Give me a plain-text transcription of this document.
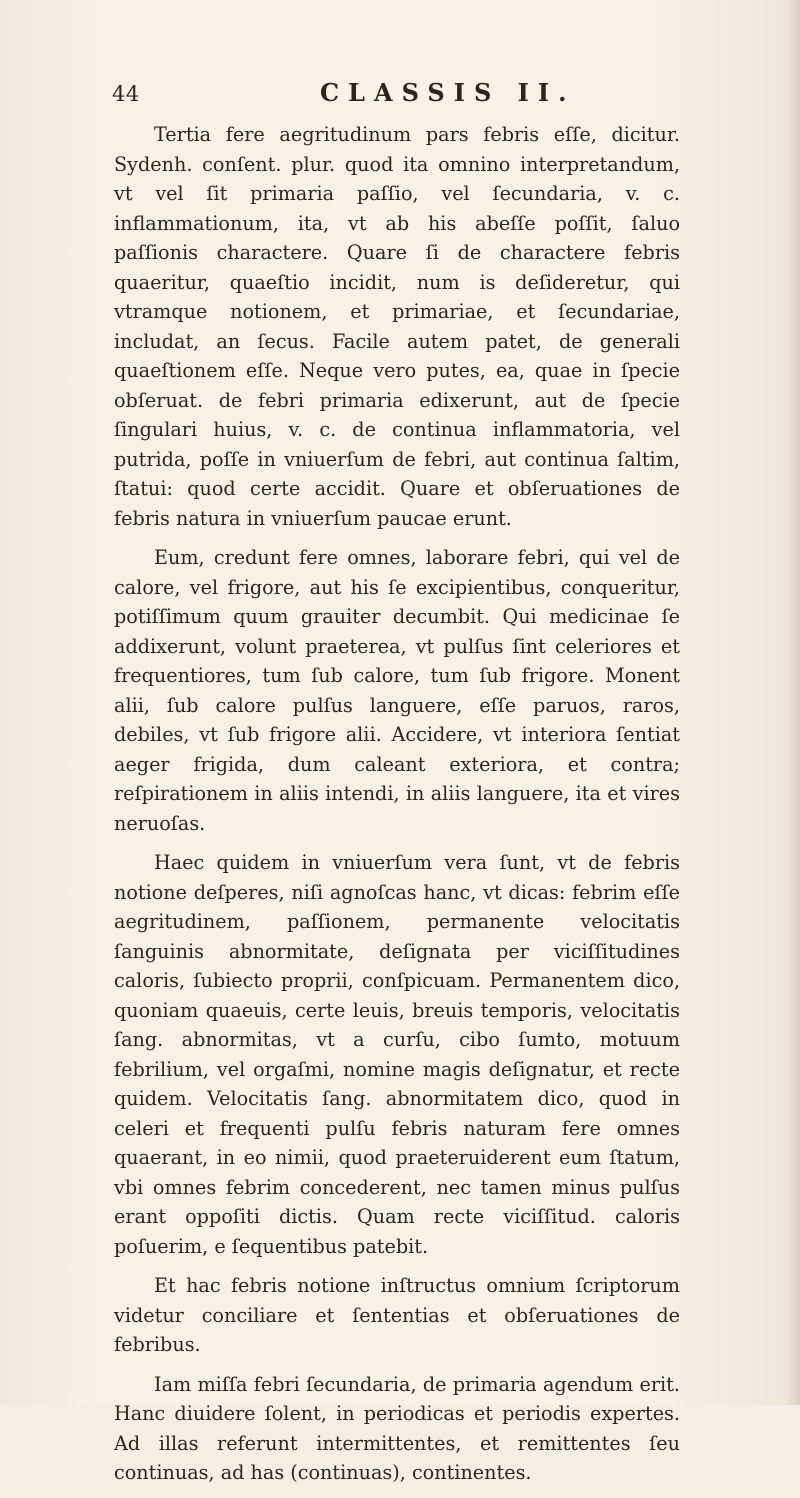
44	CLASSIS II.

Tertia fere aegritudinum pars febris eſſe, dicitur. Sydenh. conſent. plur. quod ita omnino interpretandum, vt vel ſit primaria paſſio, vel ſecundaria, v. c. inflammationum, ita, vt ab his abeſſe poſſit, ſaluo paſſionis charactere. Quare ſi de charactere febris quaeritur, quaeſtio incidit, num is deſideretur, qui vtramque notionem, et primariae, et ſecundariae, includat, an ſecus. Facile autem patet, de generali quaeſtionem eſſe. Neque vero putes, ea, quae in ſpecie obſeruat. de febri primaria edixerunt, aut de ſpecie ſingulari huius, v. c. de continua inflammatoria, vel putrida, poſſe in vniuerſum de febri, aut continua ſaltim, ſtatui: quod certe accidit. Quare et obſeruationes de febris natura in vniuerſum paucae erunt.

Eum, credunt fere omnes, laborare febri, qui vel de calore, vel frigore, aut his ſe excipientibus, conqueritur, potiſſimum quum grauiter decumbit. Qui medicinae ſe addixerunt, volunt praeterea, vt pulſus ſint celeriores et frequentiores, tum ſub calore, tum ſub frigore. Monent alii, ſub calore pulſus languere, eſſe paruos, raros, debiles, vt ſub frigore alii. Accidere, vt interiora ſentiat aeger frigida, dum caleant exteriora, et contra; reſpirationem in aliis intendi, in aliis languere, ita et vires neruoſas.

Haec quidem in vniuerſum vera ſunt, vt de febris notione deſperes, niſi agnoſcas hanc, vt dicas: febrim eſſe aegritudinem, paſſionem, permanente velocitatis ſanguinis abnormitate, deſignata per viciſſitudines caloris, ſubiecto proprii, conſpicuam. Permanentem dico, quoniam quaeuis, certe leuis, breuis temporis, velocitatis ſang. abnormitas, vt a curſu, cibo ſumto, motuum febrilium, vel orgaſmi, nomine magis deſignatur, et recte quidem. Velocitatis ſang. abnormitatem dico, quod in celeri et frequenti pulſu febris naturam fere omnes quaerant, in eo nimii, quod praeteruiderent eum ſtatum, vbi omnes febrim concederent, nec tamen minus pulſus erant oppoſiti dictis. Quam recte viciſſitud. caloris poſuerim, e ſequentibus patebit.

Et hac febris notione inſtructus omnium ſcriptorum videtur conciliare et ſententias et obſeruationes de febribus.

Iam miſſa febri ſecundaria, de primaria agendum erit. Hanc diuidere ſolent, in periodicas et periodis expertes. Ad illas referunt intermittentes, et remittentes ſeu continuas, ad has (continuas), continentes.
